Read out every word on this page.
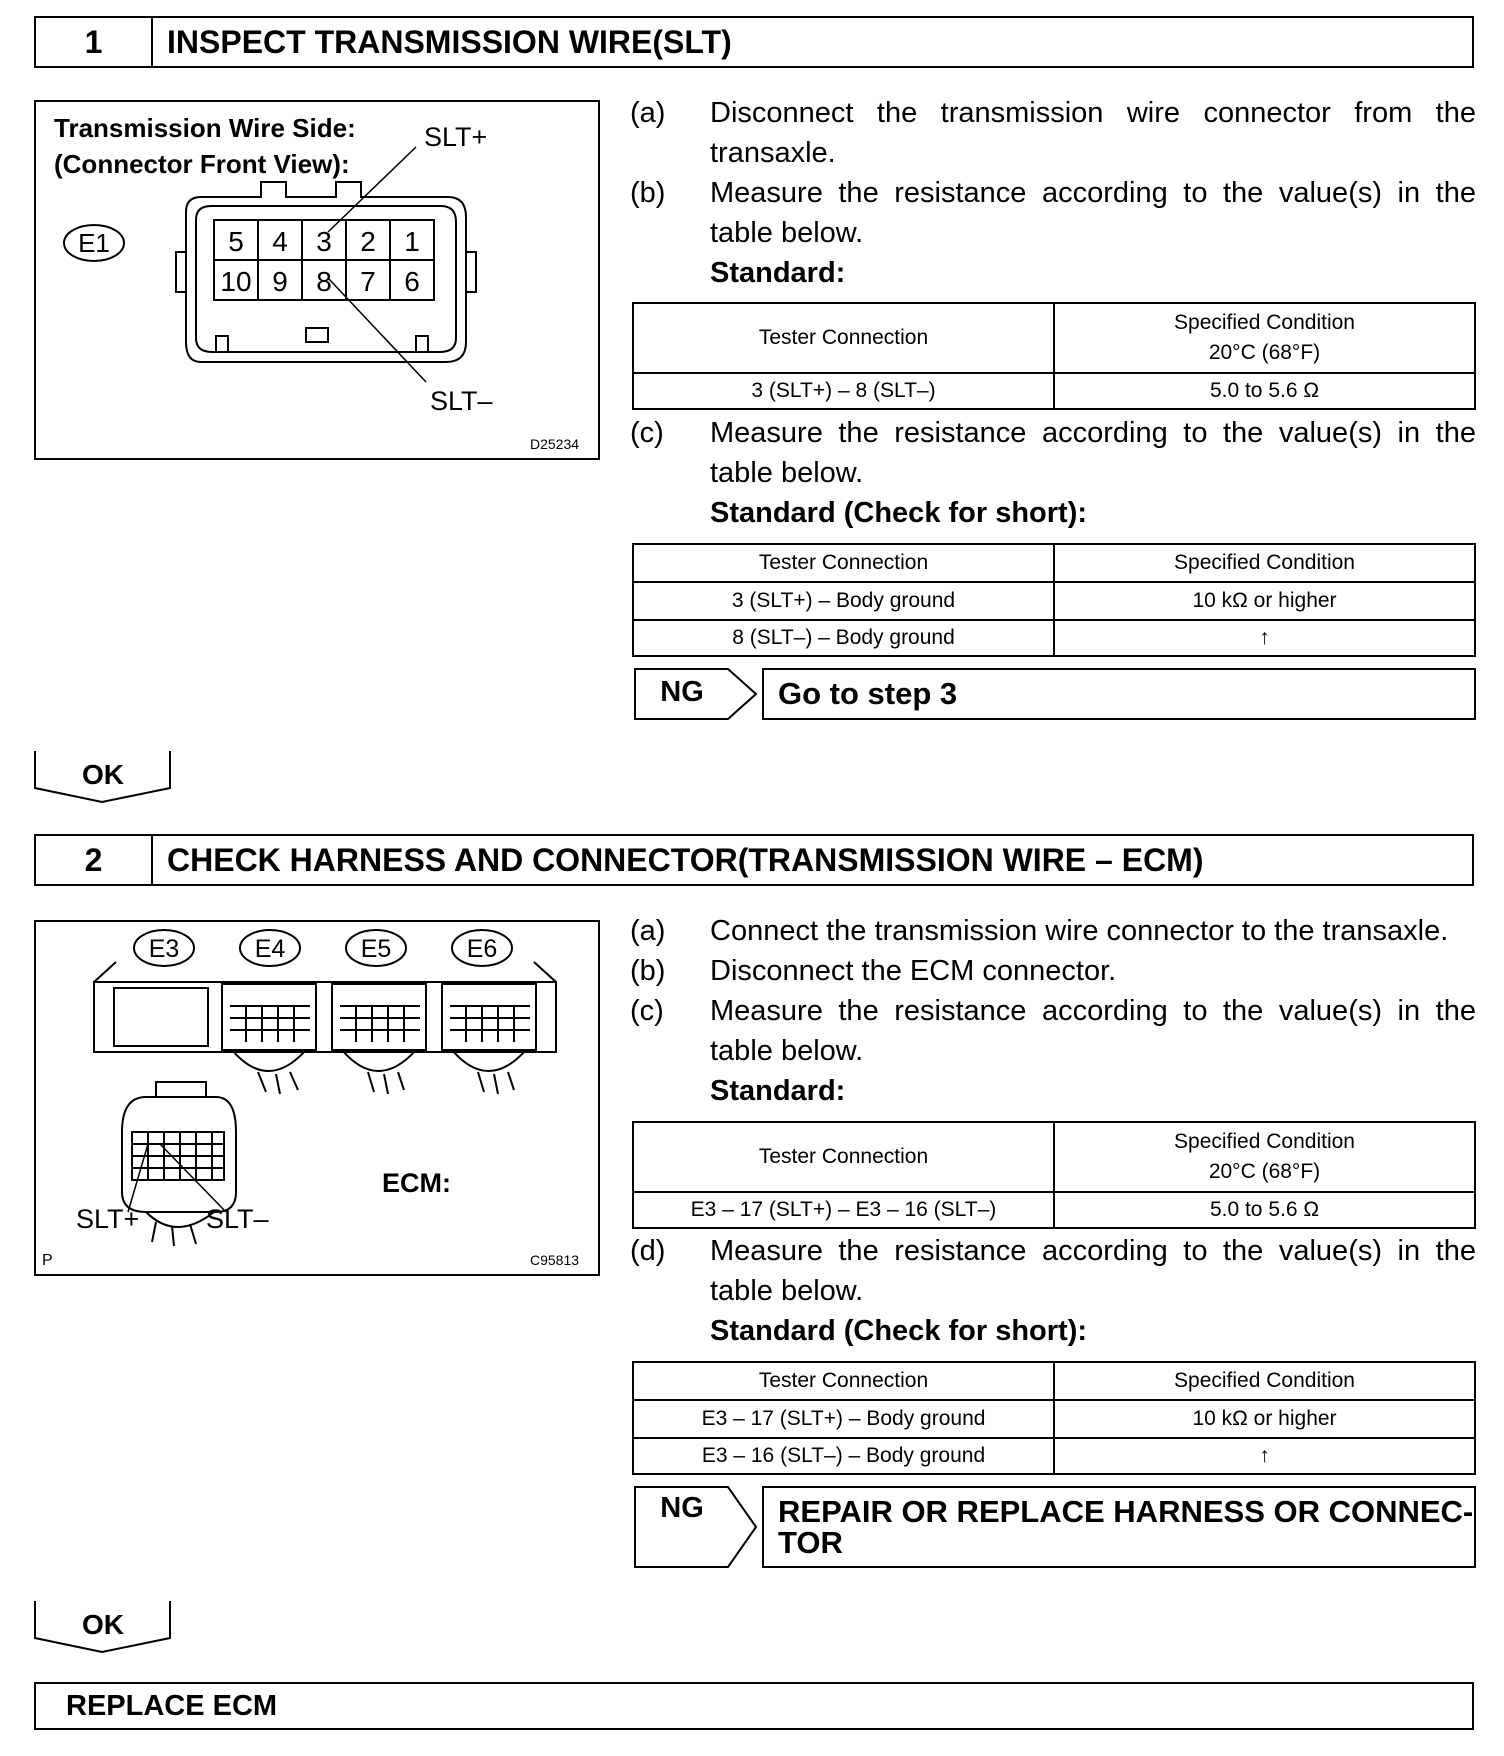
1	INSPECT TRANSMISSION WIRE(SLT)
Transmission Wire Side:
(Connector Front View):
SLT+
SLT–
D25234
E1	5 4 3 2 1
10 9 8 7 6
(a) Disconnect the transmission wire connector from the transaxle.
(b) Measure the resistance according to the value(s) in the table below.
Standard:
Tester Connection	Specified Condition
20°C (68°F)

3 (SLT+) – 8 (SLT–)	5.0 to 5.6 Ω
(c) Measure the resistance according to the value(s) in the table below.
Standard (Check for short):
Tester Connection	Specified Condition
3 (SLT+) – Body ground	10 kΩ or higher
8 (SLT–) – Body ground	↑
NG	Go to step 3
OK
2	CHECK HARNESS AND CONNECTOR(TRANSMISSION WIRE – ECM)
E3	E4	E5	E6
SLT+ SLT–
ECM:
P	C95813
(a) Connect the transmission wire connector to the transaxle.
(b) Disconnect the ECM connector.
(c) Measure the resistance according to the value(s) in the table below.
Standard:
Tester Connection	Specified Condition
20°C (68°F)

E3 – 17 (SLT+) – E3 – 16 (SLT–)	5.0 to 5.6 Ω
(d) Measure the resistance according to the value(s) in the table below.
Standard (Check for short):
Tester Connection	Specified Condition
E3 – 17 (SLT+) – Body ground	10 kΩ or higher
E3 – 16 (SLT–) – Body ground	↑
NG	REPAIR OR REPLACE HARNESS OR CONNEC-
TOR
OK
REPLACE ECM
